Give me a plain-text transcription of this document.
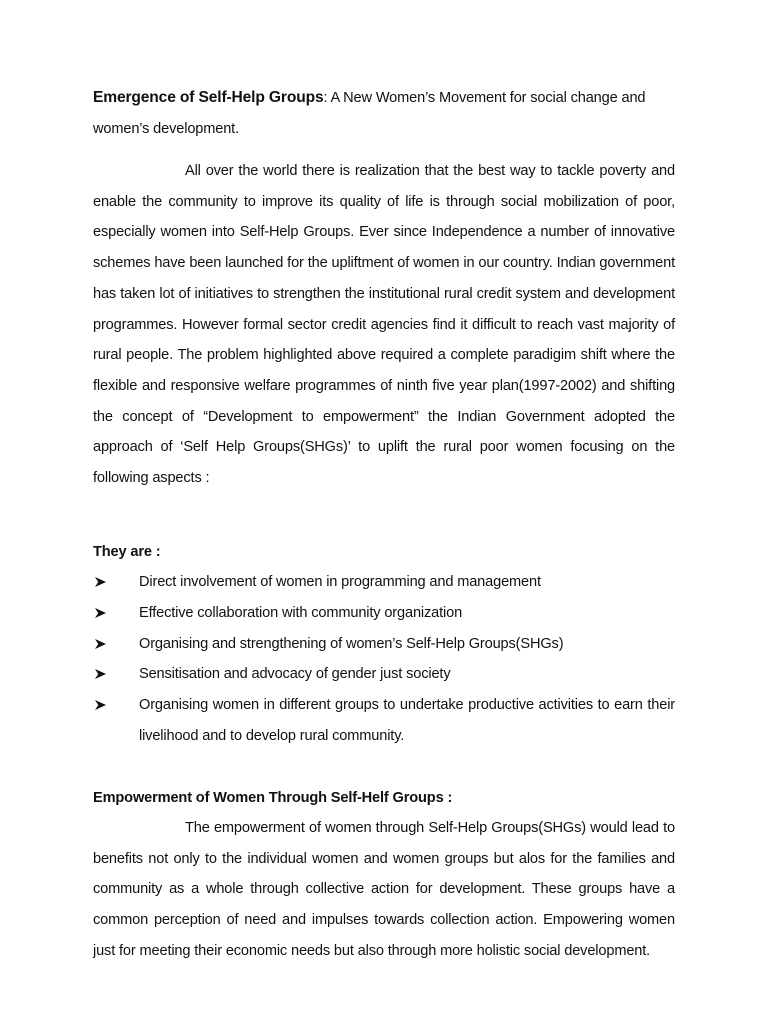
Emergence of Self-Help Groups: A New Women’s Movement for social change and women’s development.
All over the world there is realization that the best way to tackle poverty and enable the community to improve its quality of life is through social mobilization of poor, especially women into Self-Help Groups. Ever since Independence a number of innovative schemes have been launched for the upliftment of women in our country. Indian government has taken lot of initiatives to strengthen the institutional rural credit system and development programmes. However formal sector credit agencies find it difficult to reach vast majority of rural people. The problem highlighted above required a complete paradigim shift where the flexible and responsive welfare programmes of ninth five year plan(1997-2002) and shifting the concept of “Development to empowerment” the Indian Government adopted the approach of ‘Self Help Groups(SHGs)’ to uplift the rural poor women focusing on the following aspects :
They are :
Direct involvement of women in programming and management
Effective collaboration with community organization
Organising and strengthening of women’s Self-Help Groups(SHGs)
Sensitisation and advocacy of gender just society
Organising women in different groups to undertake productive activities to earn their livelihood and to develop rural community.
Empowerment of Women Through Self-Helf Groups :
The empowerment of women through Self-Help Groups(SHGs) would lead to benefits not only to the individual women and women groups but alos for the families and community as a whole through collective action for development. These groups have a common perception of need and impulses towards collection action. Empowering women just for meeting their economic needs but also through more holistic social development.
